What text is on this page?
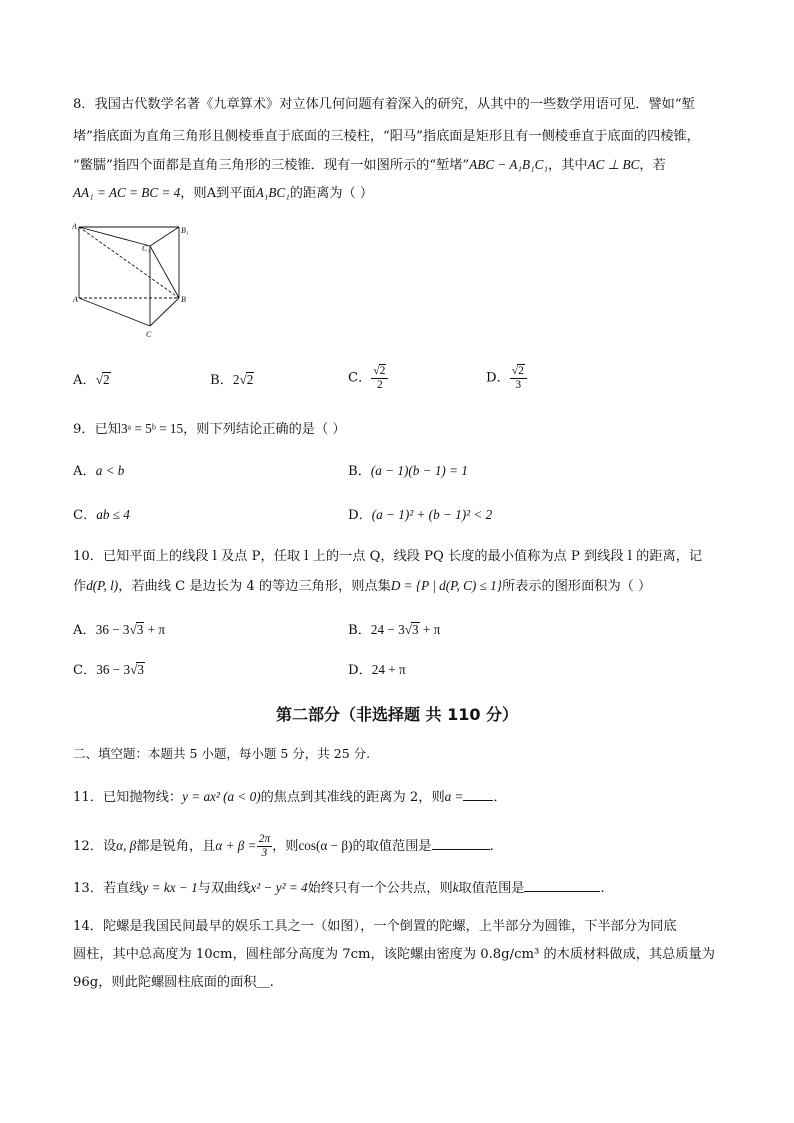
8．我国古代数学名著《九章算术》对立体几何问题有着深入的研究，从其中的一些数学用语可见．譬如“堑
堵”指底面为直角三角形且侧棱垂直于底面的三棱柱，“阳马”指底面是矩形且有一侧棱垂直于底面的四棱锥，
“鳖臑”指四个面都是直角三角形的三棱锥．现有一如图所示的“堑堵”ABC − A₁B₁C₁，其中AC ⊥ BC，若
AA₁ = AC = BC = 4，则A到平面A₁BC₁的距离为（ ）
A₁	B₁
C₁
A	B
C
A．√2	B．2√2	C． $\frac{√2}{2}$	D． $\frac{√2}{3}$
9．已知3ᵃ = 5ᵇ = 15，则下列结论正确的是（ ）
A．a < b	B．(a − 1)(b − 1) = 1
C．ab ≤ 4	D．(a − 1)² + (b − 1)² < 2
10．已知平面上的线段 l 及点 P，任取 l 上的一点 Q，线段 PQ 长度的最小值称为点 P 到线段 l 的距离，记
作d(P, l)，若曲线 C 是边长为 4 的等边三角形，则点集D = {P | d(P, C) ≤ 1}所表示的图形面积为（ ）
A．36 − 3√3 + π	B．24 − 3√3 + π
C．36 − 3√3	D．24 + π
第二部分（非选择题 共 110 分）
二、填空题：本题共 5 小题，每小题 5 分，共 25 分.
11．已知抛物线：y = ax² (a < 0)的焦点到其准线的距离为 2，则a = ．
12．设α, β都是锐角，且$\alpha + \beta = \frac{2\pi}{3}$ ，则cos(α − β)的取值范围是	.
13．若直线y = kx − 1与双曲线x² − y² = 4始终只有一个公共点，则k取值范围是	.
14．陀螺是我国民间最早的娱乐工具之一（如图），一个倒置的陀螺，上半部分为圆锥，下半部分为同底
圆柱，其中总高度为 10cm，圆柱部分高度为 7cm，该陀螺由密度为 0.8g/cm³ 的木质材料做成，其总质量为
96g，则此陀螺圆柱底面的面积＿.
